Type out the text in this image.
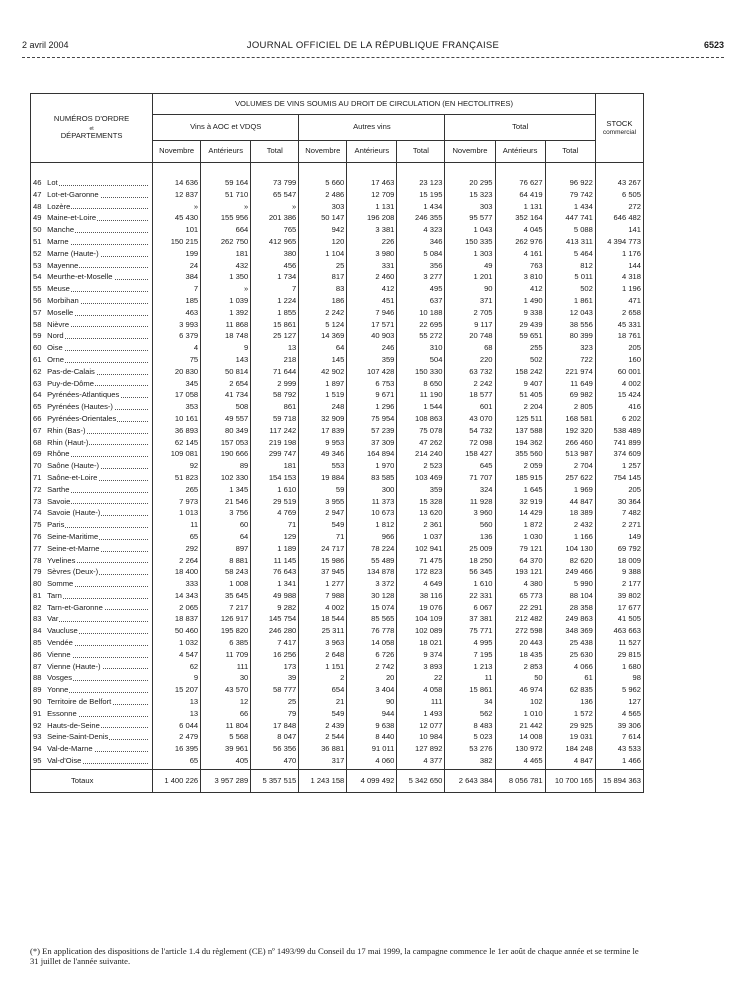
2 avril 2004	JOURNAL OFFICIEL DE LA RÉPUBLIQUE FRANÇAISE	6523
NUMÉROS D'ORDRE
et
DÉPARTEMENTS		VOLUMES DE VINS SOUMIS AU DROIT DE CIRCULATION (EN HECTOLITRES)									STOCK
commercial
		Vins à AOC et VDQS			Autres vins			Total			
		Novembre	Antérieurs	Total	Novembre	Antérieurs	Total	Novembre	Antérieurs	Total	
46	Lot	14 636	59 164	73 799	5 660	17 463	23 123	20 295	76 627	96 922	43 267
47	Lot-et-Garonne	12 837	51 710	65 547	2 486	12 709	15 195	15 323	64 419	79 742	6 505
48	Lozère	»	»	»	303	1 131	1 434	303	1 131	1 434	272
49	Maine-et-Loire	45 430	155 956	201 386	50 147	196 208	246 355	95 577	352 164	447 741	646 482
50	Manche	101	664	765	942	3 381	4 323	1 043	4 045	5 088	141
51	Marne	150 215	262 750	412 965	120	226	346	150 335	262 976	413 311	4 394 773
52	Marne (Haute-)	199	181	380	1 104	3 980	5 084	1 303	4 161	5 464	1 176
53	Mayenne	24	432	456	25	331	356	49	763	812	144
54	Meurthe-et-Moselle	384	1 350	1 734	817	2 460	3 277	1 201	3 810	5 011	4 318
55	Meuse	7	»	7	83	412	495	90	412	502	1 196
56	Morbihan	185	1 039	1 224	186	451	637	371	1 490	1 861	471
57	Moselle	463	1 392	1 855	2 242	7 946	10 188	2 705	9 338	12 043	2 658
58	Nièvre	3 993	11 868	15 861	5 124	17 571	22 695	9 117	29 439	38 556	45 331
59	Nord	6 379	18 748	25 127	14 369	40 903	55 272	20 748	59 651	80 399	18 761
60	Oise	4	9	13	64	246	310	68	255	323	205
61	Orne	75	143	218	145	359	504	220	502	722	160
62	Pas-de-Calais	20 830	50 814	71 644	42 902	107 428	150 330	63 732	158 242	221 974	60 001
63	Puy-de-Dôme	345	2 654	2 999	1 897	6 753	8 650	2 242	9 407	11 649	4 002
64	Pyrénées-Atlantiques	17 058	41 734	58 792	1 519	9 671	11 190	18 577	51 405	69 982	15 424
65	Pyrénées (Hautes-)	353	508	861	248	1 296	1 544	601	2 204	2 805	416
66	Pyrénées-Orientales	10 161	49 557	59 718	32 909	75 954	108 863	43 070	125 511	168 581	6 202
67	Rhin (Bas-)	36 893	80 349	117 242	17 839	57 239	75 078	54 732	137 588	192 320	538 489
68	Rhin (Haut-)	62 145	157 053	219 198	9 953	37 309	47 262	72 098	194 362	266 460	741 899
69	Rhône	109 081	190 666	299 747	49 346	164 894	214 240	158 427	355 560	513 987	374 609
70	Saône (Haute-)	92	89	181	553	1 970	2 523	645	2 059	2 704	1 257
71	Saône-et-Loire	51 823	102 330	154 153	19 884	83 585	103 469	71 707	185 915	257 622	754 145
72	Sarthe	265	1 345	1 610	59	300	359	324	1 645	1 969	205
73	Savoie	7 973	21 546	29 519	3 955	11 373	15 328	11 928	32 919	44 847	30 364
74	Savoie (Haute-)	1 013	3 756	4 769	2 947	10 673	13 620	3 960	14 429	18 389	7 482
75	Paris	11	60	71	549	1 812	2 361	560	1 872	2 432	2 271
76	Seine-Maritime	65	64	129	71	966	1 037	136	1 030	1 166	149
77	Seine-et-Marne	292	897	1 189	24 717	78 224	102 941	25 009	79 121	104 130	69 792
78	Yvelines	2 264	8 881	11 145	15 986	55 489	71 475	18 250	64 370	82 620	18 009
79	Sèvres (Deux-)	18 400	58 243	76 643	37 945	134 878	172 823	56 345	193 121	249 466	9 388
80	Somme	333	1 008	1 341	1 277	3 372	4 649	1 610	4 380	5 990	2 177
81	Tarn	14 343	35 645	49 988	7 988	30 128	38 116	22 331	65 773	88 104	39 802
82	Tarn-et-Garonne	2 065	7 217	9 282	4 002	15 074	19 076	6 067	22 291	28 358	17 677
83	Var	18 837	126 917	145 754	18 544	85 565	104 109	37 381	212 482	249 863	41 505
84	Vaucluse	50 460	195 820	246 280	25 311	76 778	102 089	75 771	272 598	348 369	463 663
85	Vendée	1 032	6 385	7 417	3 963	14 058	18 021	4 995	20 443	25 438	11 527
86	Vienne	4 547	11 709	16 256	2 648	6 726	9 374	7 195	18 435	25 630	29 815
87	Vienne (Haute-)	62	111	173	1 151	2 742	3 893	1 213	2 853	4 066	1 680
88	Vosges	9	30	39	2	20	22	11	50	61	98
89	Yonne	15 207	43 570	58 777	654	3 404	4 058	15 861	46 974	62 835	5 962
90	Territoire de Belfort	13	12	25	21	90	111	34	102	136	127
91	Essonne	13	66	79	549	944	1 493	562	1 010	1 572	4 565
92	Hauts-de-Seine	6 044	11 804	17 848	2 439	9 638	12 077	8 483	21 442	29 925	39 306
93	Seine-Saint-Denis	2 479	5 568	8 047	2 544	8 440	10 984	5 023	14 008	19 031	7 614
94	Val-de-Marne	16 395	39 961	56 356	36 881	91 011	127 892	53 276	130 972	184 248	43 533
95	Val-d'Oise	65	405	470	317	4 060	4 377	382	4 465	4 847	1 466
Totaux		1 400 226	3 957 289	5 357 515	1 243 158	4 099 492	5 342 650	2 643 384	8 056 781	10 700 165	15 894 363
(*) En application des dispositions de l'article 1.4 du règlement (CE) nº 1493/99 du Conseil du 17 mai 1999, la campagne commence le 1er août de chaque année et se termine le 31 juillet de l'année suivante.
